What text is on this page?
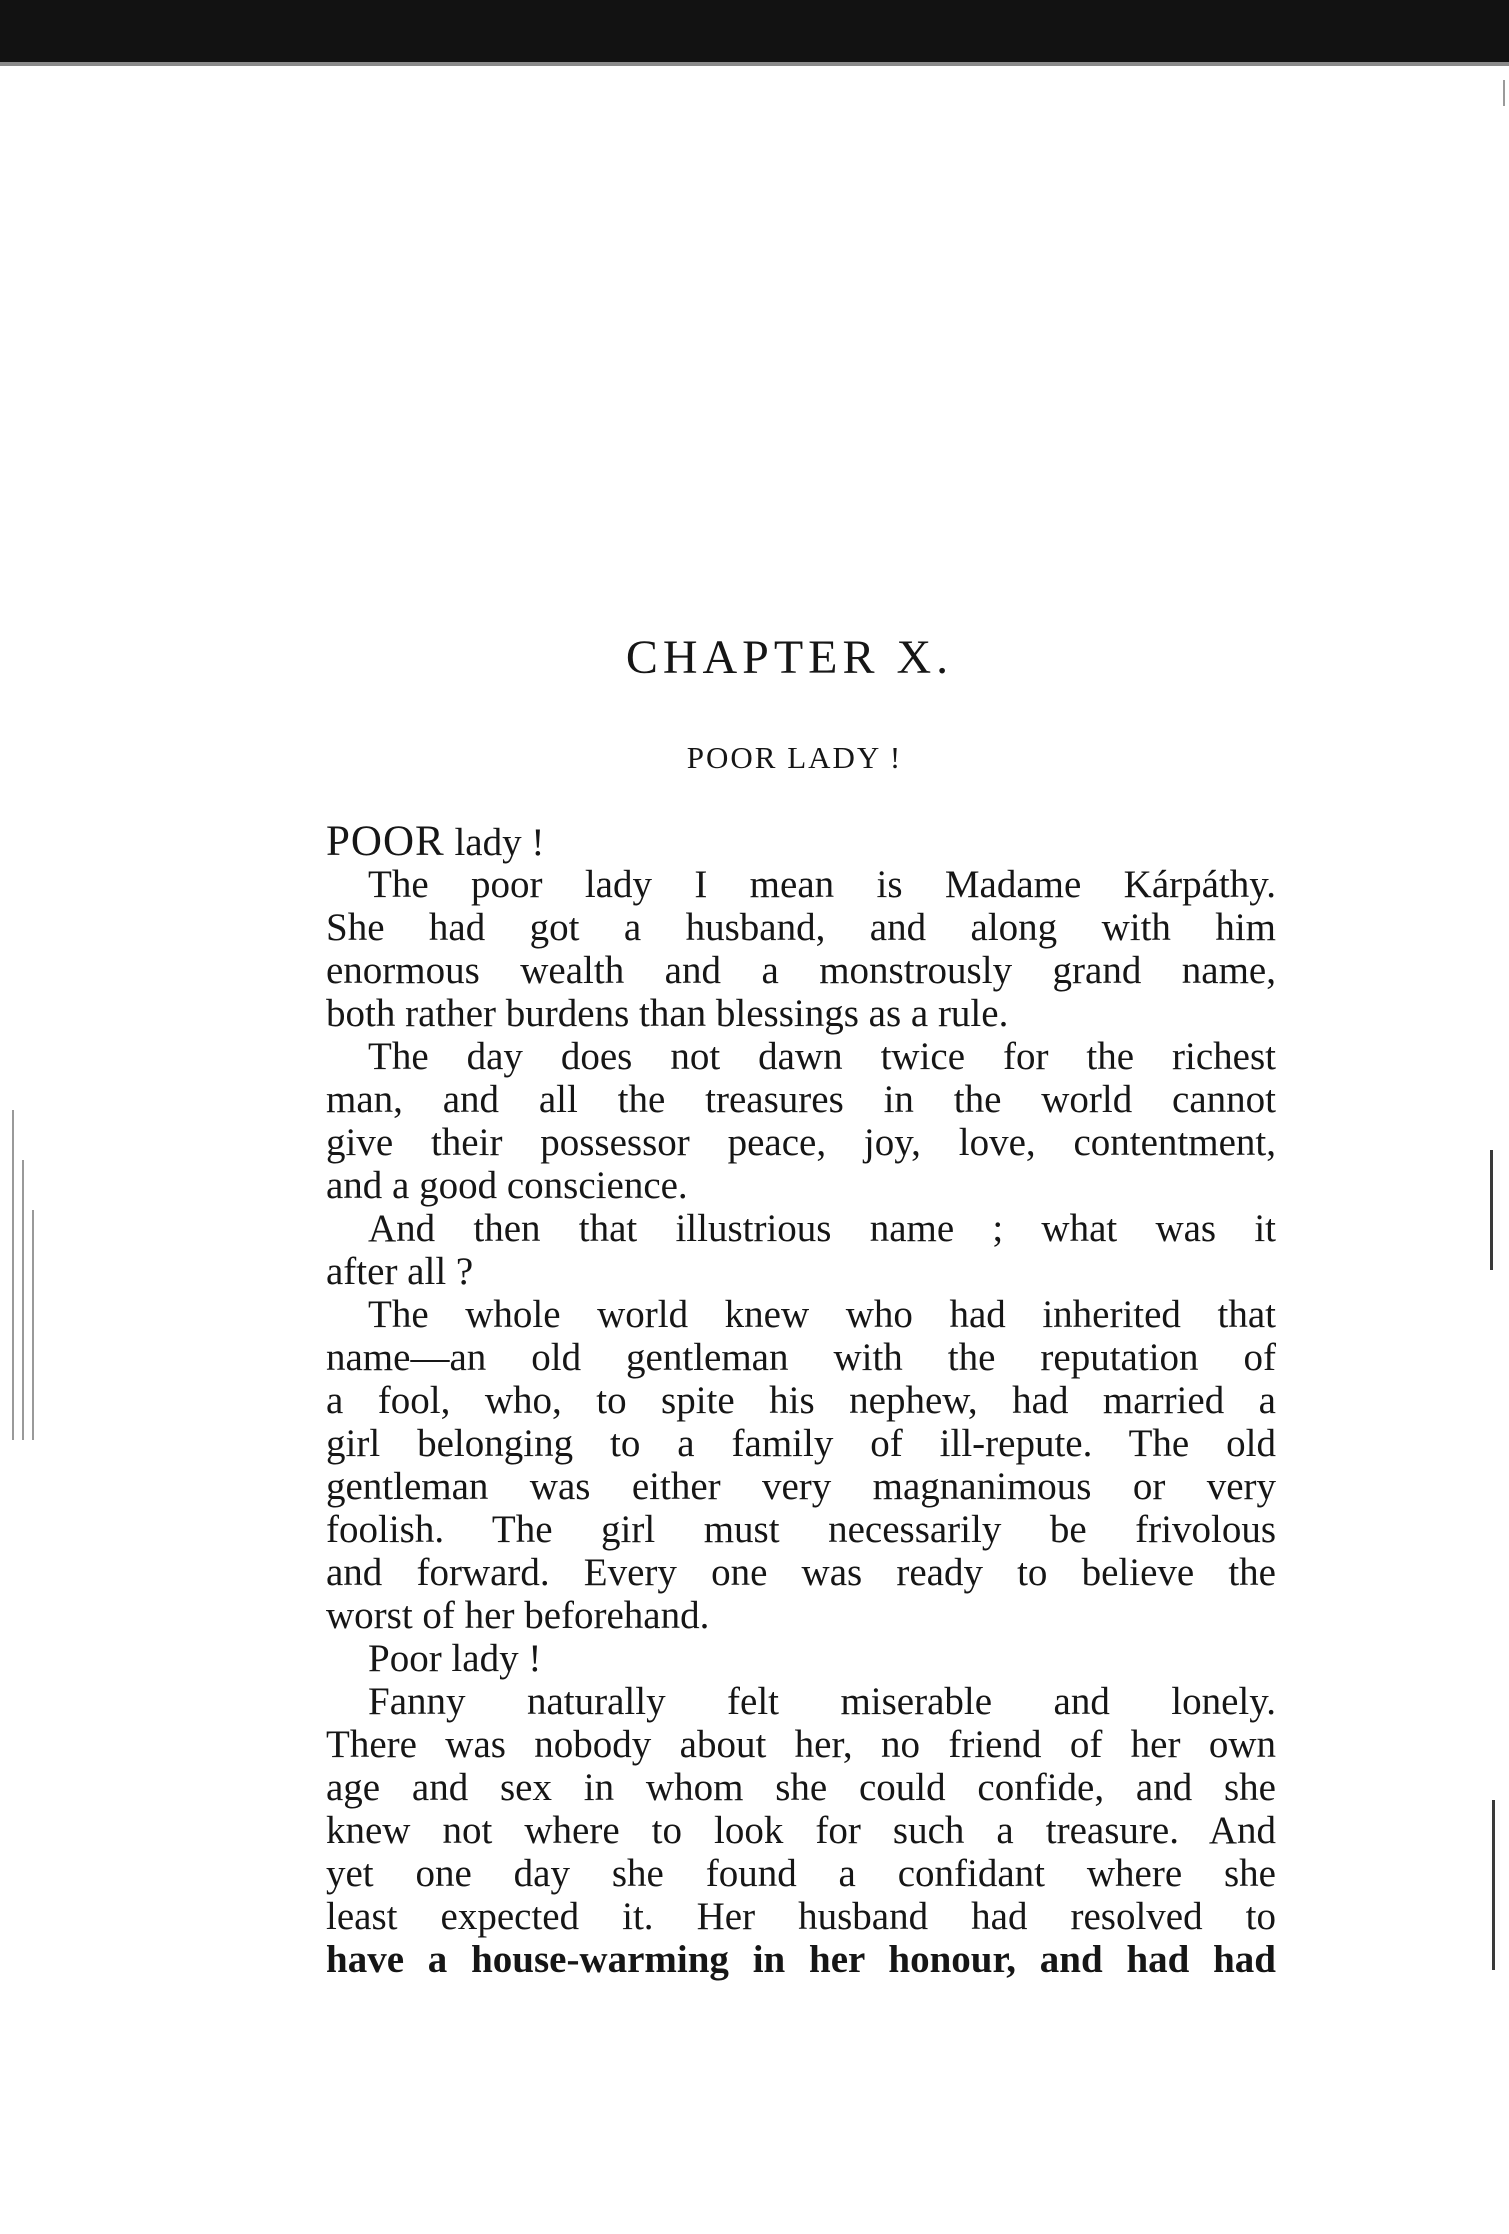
CHAPTER X.
POOR LADY !
POOR lady !
The poor lady I mean is Madame Kárpáthy.
She had got a husband, and along with him
enormous wealth and a monstrously grand name,
both rather burdens than blessings as a rule.
The day does not dawn twice for the richest
man, and all the treasures in the world cannot
give their possessor peace, joy, love, contentment,
and a good conscience.
And then that illustrious name ; what was it
after all ?
The whole world knew who had inherited that
name—an old gentleman with the reputation of
a fool, who, to spite his nephew, had married a
girl belonging to a family of ill-repute. The old
gentleman was either very magnanimous or very
foolish. The girl must necessarily be frivolous
and forward. Every one was ready to believe the
worst of her beforehand.
Poor lady !
Fanny naturally felt miserable and lonely.
There was nobody about her, no friend of her own
age and sex in whom she could confide, and she
knew not where to look for such a treasure. And
yet one day she found a confidant where she
least expected it. Her husband had resolved to
have a house-warming in her honour, and had had
